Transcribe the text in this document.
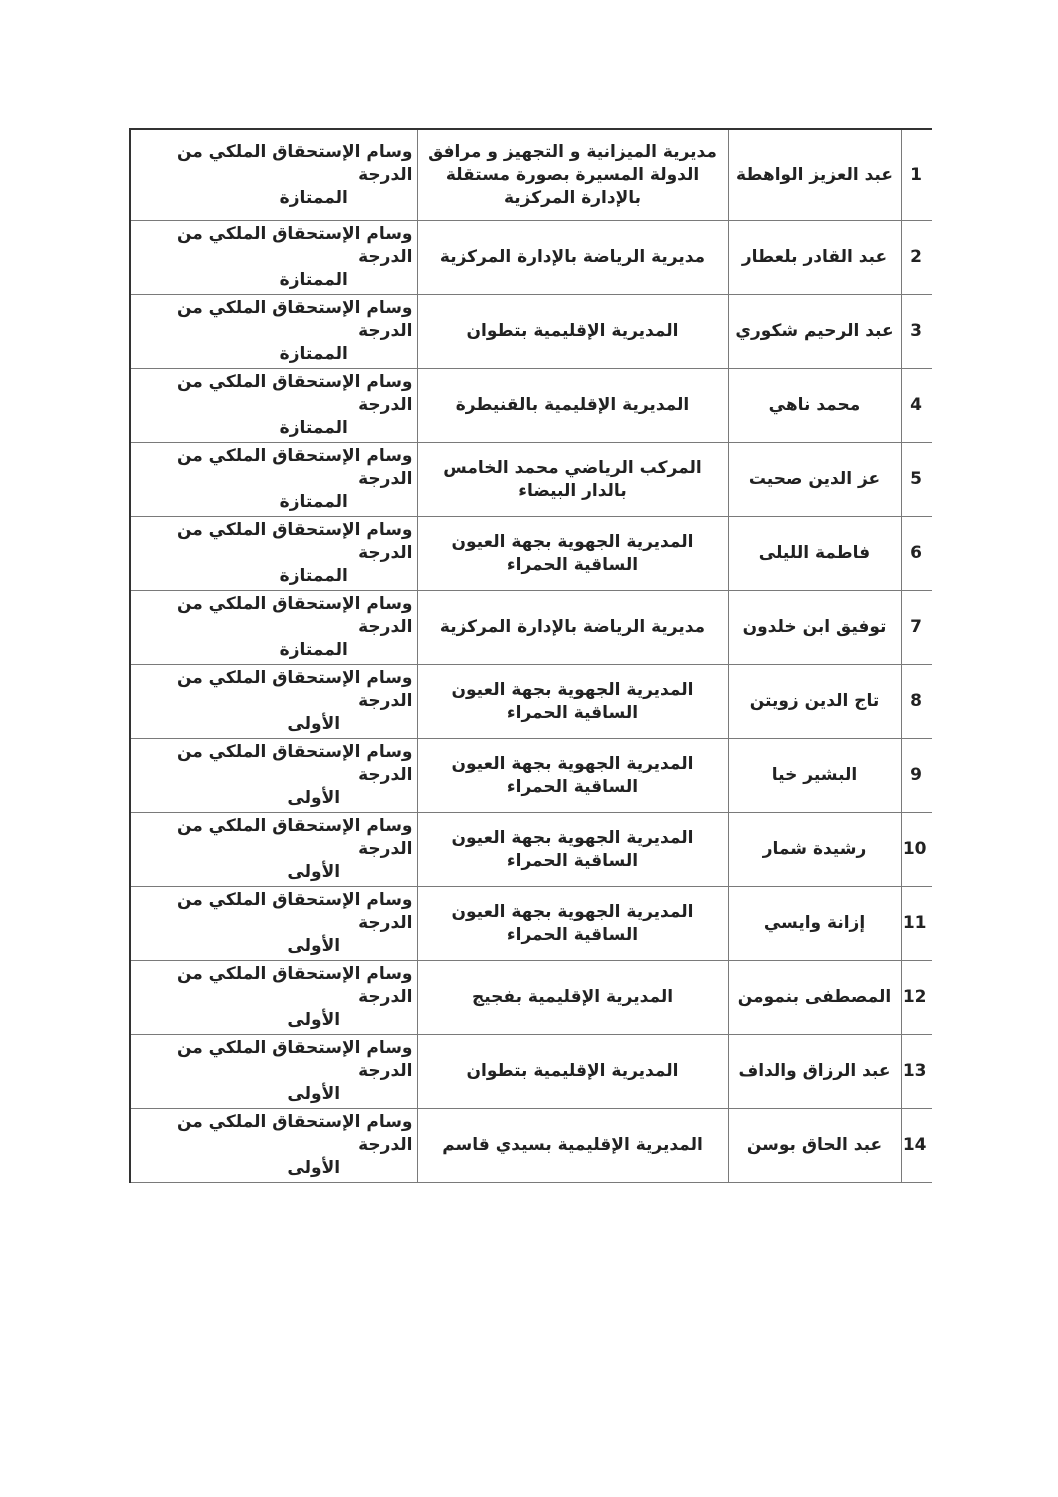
1	عبد العزيز الواهطة	مديرية الميزانية و التجهيز و مرافق الدولة المسيرة بصورة مستقلة بالإدارة المركزية	وسام الإستحقاق الملكي من الدرجة
الممتازة

2	عبد القادر بلعطار	مديرية الرياضة بالإدارة المركزية	وسام الإستحقاق الملكي من الدرجة
الممتازة

3	عبد الرحيم شكوري	المديرية الإقليمية بتطوان	وسام الإستحقاق الملكي من الدرجة
الممتازة

4	محمد ناهي	المديرية الإقليمية بالقنيطرة	وسام الإستحقاق الملكي من الدرجة
الممتازة

5	عز الدين صحيت	المركب الرياضي محمد الخامس بالدار البيضاء	وسام الإستحقاق الملكي من الدرجة
الممتازة

6	فاطمة الليلى	المديرية الجهوية بجهة العيون الساقية الحمراء	وسام الإستحقاق الملكي من الدرجة
الممتازة

7	توفيق ابن خلدون	مديرية الرياضة بالإدارة المركزية	وسام الإستحقاق الملكي من الدرجة
الممتازة

8	تاج الدين زويتن	المديرية الجهوية بجهة العيون الساقية الحمراء	وسام الإستحقاق الملكي من الدرجة
الأولى

9	البشير خيا	المديرية الجهوية بجهة العيون الساقية الحمراء	وسام الإستحقاق الملكي من الدرجة
الأولى

10	رشيدة شمار	المديرية الجهوية بجهة العيون الساقية الحمراء	وسام الإستحقاق الملكي من الدرجة
الأولى

11	إزانة وايسي	المديرية الجهوية بجهة العيون الساقية الحمراء	وسام الإستحقاق الملكي من الدرجة
الأولى

12	المصطفى بنمومن	المديرية الإقليمية بفجيج	وسام الإستحقاق الملكي من الدرجة
الأولى

13	عبد الرزاق والداف	المديرية الإقليمية بتطوان	وسام الإستحقاق الملكي من الدرجة
الأولى

14	عبد الحاق بوسن	المديرية الإقليمية بسيدي قاسم	وسام الإستحقاق الملكي من الدرجة
الأولى
